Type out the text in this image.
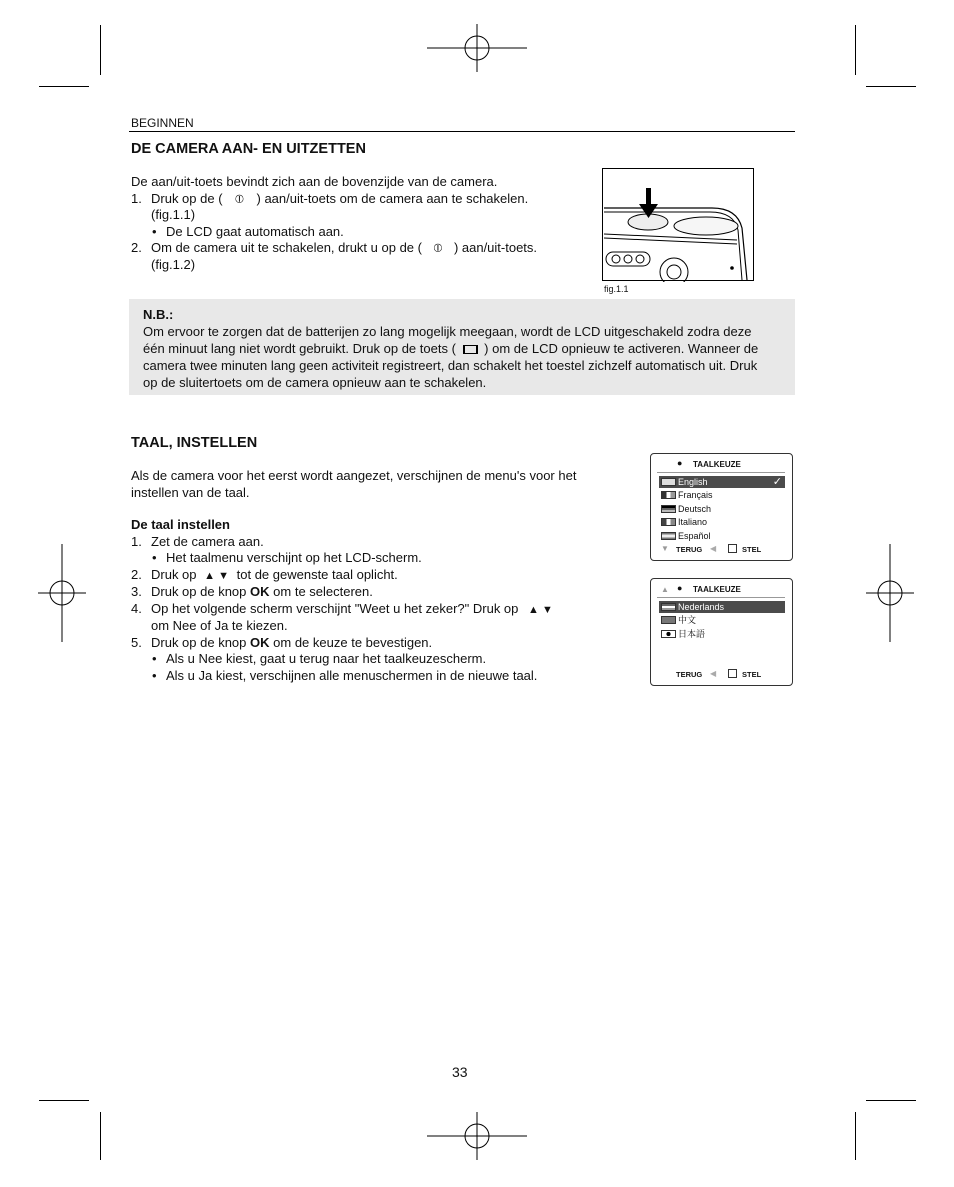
BEGINNEN
DE CAMERA AAN- EN UITZETTEN

De aan/uit-toets bevindt zich aan de bovenzijde van de camera.

1. Druk op de ( ⦶ ) aan/uit-toets om de camera aan te schakelen.
(fig.1.1)
• De LCD gaat automatisch aan.
2. Om de camera uit te schakelen, drukt u op de ( ⦶ ) aan/uit-toets.
(fig.1.2)
fig.1.1
N.B.:
Om ervoor te zorgen dat de batterijen zo lang mogelijk meegaan, wordt de LCD uitgeschakeld zodra deze
één minuut lang niet wordt gebruikt. Druk op de toets ( ) om de LCD opnieuw te activeren. Wanneer de
camera twee minuten lang geen activiteit registreert, dan schakelt het toestel zichzelf automatisch uit. Druk
op de sluitertoets om de camera opnieuw aan te schakelen.
TAAL, INSTELLEN

Als de camera voor het eerst wordt aangezet, verschijnen de menu's voor het

instellen van de taal.

De taal instellen

1. Zet de camera aan.
• Het taalmenu verschijnt op het LCD-scherm.
2. Druk op ▲ ▼ tot de gewenste taal oplicht.
3. Druk op de knop OK om te selecteren.
4. Op het volgende scherm verschijnt "Weet u het zeker?" Druk op ▲ ▼
om Nee of Ja te kiezen.
5. Druk op de knop OK om de keuze te bevestigen.
• Als u Nee kiest, gaat u terug naar het taalkeuzescherm.
• Als u Ja kiest, verschijnen alle menuschermen in de nieuwe taal.
● TAALKEUZE
English	✓
Français
Deutsch
Italiano
Español
▼ TERUG ◀	STEL
▲ ● TAALKEUZE
Nederlands
中文
日本語
TERUG ◀	STEL
33
